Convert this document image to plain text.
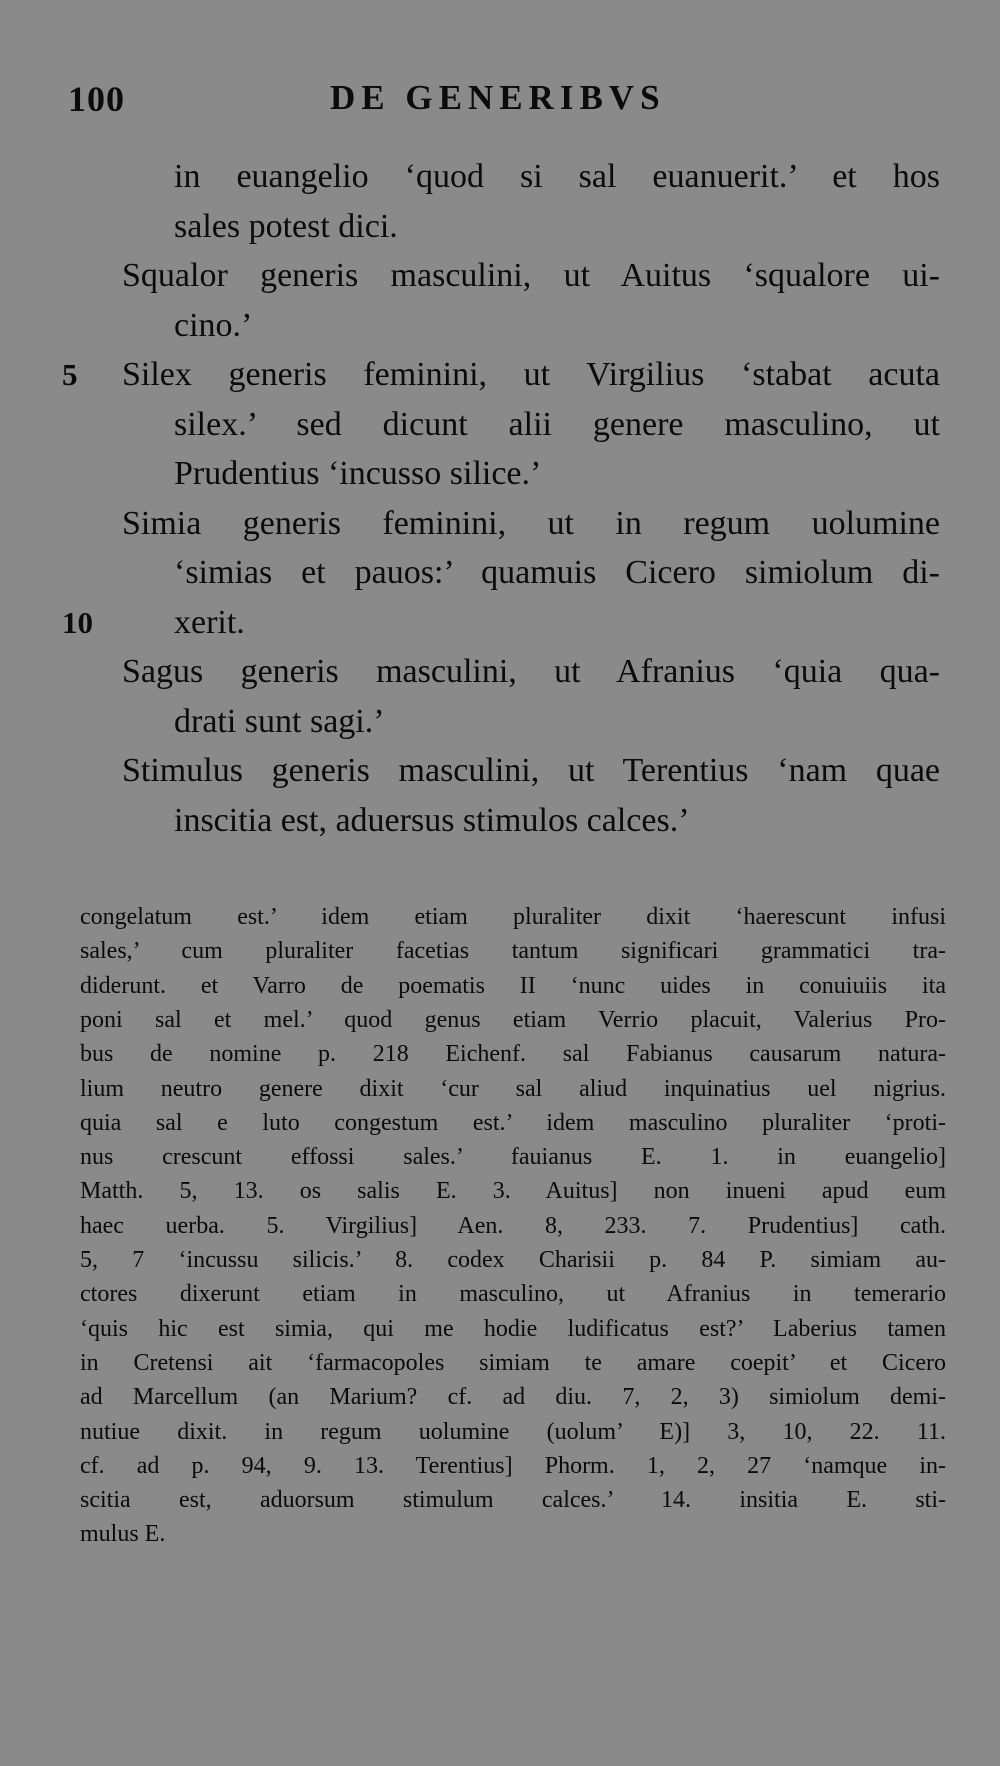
100	DE GENERIBVS
in euangelio ‘quod si sal euanuerit.’ et hos
sales potest dici.
Squalor generis masculini, ut Auitus ‘squalore ui-
cino.’
5 Silex generis feminini, ut Virgilius ‘stabat acuta
silex.’ sed dicunt alii genere masculino, ut
Prudentius ‘incusso silice.’
Simia generis feminini, ut in regum uolumine
‘simias et pauos:’ quamuis Cicero simiolum di-
10 xerit.
Sagus generis masculini, ut Afranius ‘quia qua-
drati sunt sagi.’
Stimulus generis masculini, ut Terentius ‘nam quae
inscitia est, aduersus stimulos calces.’
congelatum est.’ idem etiam pluraliter dixit ‘haerescunt infusi
sales,’ cum pluraliter facetias tantum significari grammatici tra-
diderunt. et Varro de poematis II ‘nunc uides in conuiuiis ita
poni sal et mel.’ quod genus etiam Verrio placuit, Valerius Pro-
bus de nomine p. 218 Eichenf. sal Fabianus causarum natura-
lium neutro genere dixit ‘cur sal aliud inquinatius uel nigrius.
quia sal e luto congestum est.’ idem masculino pluraliter ‘proti-
nus crescunt effossi sales.’ fauianus E. 1. in euangelio]
Matth. 5, 13. os salis E. 3. Auitus] non inueni apud eum
haec uerba. 5. Virgilius] Aen. 8, 233. 7. Prudentius] cath.
5, 7 ‘incussu silicis.’ 8. codex Charisii p. 84 P. simiam au-
ctores dixerunt etiam in masculino, ut Afranius in temerario
‘quis hic est simia, qui me hodie ludificatus est?’ Laberius tamen
in Cretensi ait ‘farmacopoles simiam te amare coepit’ et Cicero
ad Marcellum (an Marium? cf. ad diu. 7, 2, 3) simiolum demi-
nutiue dixit. in regum uolumine (uolum’ E)] 3, 10, 22. 11.
cf. ad p. 94, 9. 13. Terentius] Phorm. 1, 2, 27 ‘namque in-
scitia est, aduorsum stimulum calces.’ 14. insitia E. sti-
mulus E.
